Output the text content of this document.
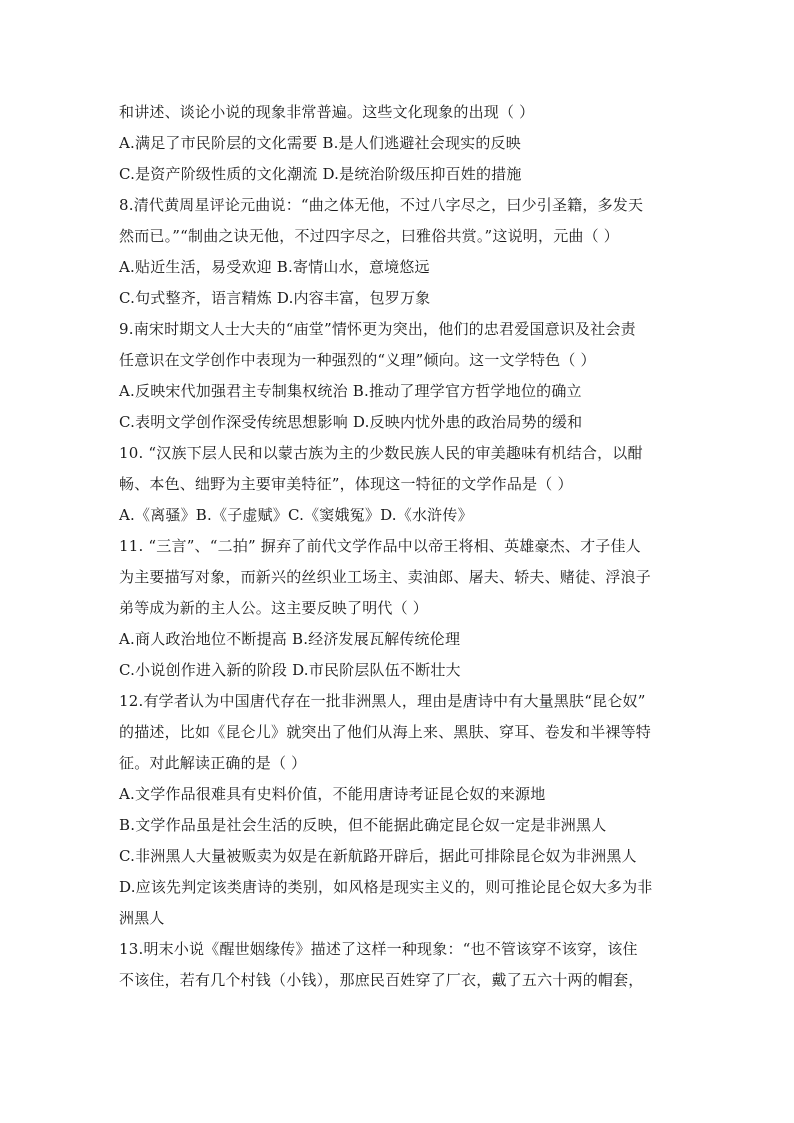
和讲述、谈论小说的现象非常普遍。这些文化现象的出现（ ）
A.满足了市民阶层的文化需要 B.是人们逃避社会现实的反映
C.是资产阶级性质的文化潮流 D.是统治阶级压抑百姓的措施
8.清代黄周星评论元曲说：“曲之体无他，不过八字尽之，曰少引圣籍，多发天
然而已。”“制曲之诀无他，不过四字尽之，曰雅俗共赏。”这说明，元曲（ ）
A.贴近生活，易受欢迎 B.寄情山水，意境悠远
C.句式整齐，语言精炼 D.内容丰富，包罗万象
9.南宋时期文人士大夫的“庙堂”情怀更为突出，他们的忠君爱国意识及社会责
任意识在文学创作中表现为一种强烈的“义理”倾向。这一文学特色（ ）
A.反映宋代加强君主专制集权统治 B.推动了理学官方哲学地位的确立
C.表明文学创作深受传统思想影响 D.反映内忧外患的政治局势的缓和
10. “汉族下层人民和以蒙古族为主的少数民族人民的审美趣味有机结合，以酣
畅、本色、绌野为主要审美特征”，体现这一特征的文学作品是（ ）
A.《离骚》B.《子虚赋》C.《窦娥冤》D.《水浒传》
11. “三言”、“二拍” 摒弃了前代文学作品中以帝王将相、英雄豪杰、才子佳人
为主要描写对象，而新兴的丝织业工场主、卖油郎、屠夫、轿夫、赌徒、浮浪子
弟等成为新的主人公。这主要反映了明代（ ）
A.商人政治地位不断提高 B.经济发展瓦解传统伦理
C.小说创作进入新的阶段 D.市民阶层队伍不断壮大
12.有学者认为中国唐代存在一批非洲黑人，理由是唐诗中有大量黑肤“昆仑奴”
的描述，比如《昆仑儿》就突出了他们从海上来、黑肤、穿耳、卷发和半裸等特
征。对此解读正确的是（ ）
A.文学作品很难具有史料价值，不能用唐诗考证昆仑奴的来源地
B.文学作品虽是社会生活的反映，但不能据此确定昆仑奴一定是非洲黑人
C.非洲黑人大量被贩卖为奴是在新航路开辟后，据此可排除昆仑奴为非洲黑人
D.应该先判定该类唐诗的类别，如风格是现实主义的，则可推论昆仑奴大多为非
洲黑人
13.明末小说《醒世姻缘传》描述了这样一种现象：“也不管该穿不该穿，该住
不该住，若有几个村钱（小钱），那庶民百姓穿了厂衣，戴了五六十两的帽套，
